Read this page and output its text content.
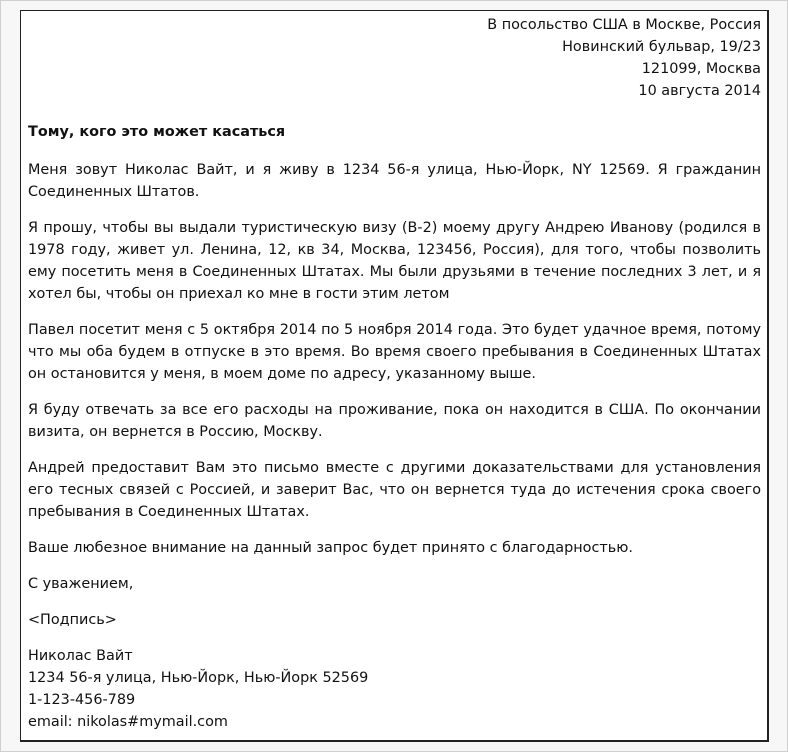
В посольство США в Москве, Россия
Новинский бульвар, 19/23
121099, Москва
10 августа 2014
Тому, кого это может касаться

Меня зовут Николас Вайт, и я живу в 1234 56-я улица, Нью-Йорк, NY 12569. Я гражданин Соединенных Штатов.

Я прошу, чтобы вы выдали туристическую визу (B-2) моему другу Андрею Иванову (родился в 1978 году, живет ул. Ленина, 12, кв 34, Москва, 123456, Россия), для того, чтобы позволить ему посетить меня в Соединенных Штатах. Мы были друзьями в течение последних 3 лет, и я хотел бы, чтобы он приехал ко мне в гости этим летом

Павел посетит меня с 5 октября 2014 по 5 ноября 2014 года. Это будет удачное время, потому что мы оба будем в отпуске в это время. Во время своего пребывания в Соединенных Штатах он остановится у меня, в моем доме по адресу, указанному выше.

Я буду отвечать за все его расходы на проживание, пока он находится в США. По окончании визита, он вернется в Россию, Москву.

Андрей предоставит Вам это письмо вместе с другими доказательствами для установления его тесных связей с Россией, и заверит Вас, что он вернется туда до истечения срока своего пребывания в Соединенных Штатах.

Ваше любезное внимание на данный запрос будет принято с благодарностью.

С уважением,

<Подпись>

Николас Вайт
1234 56-я улица, Нью-Йорк, Нью-Йорк 52569
1-123-456-789
email: nikolas#mymail.com
